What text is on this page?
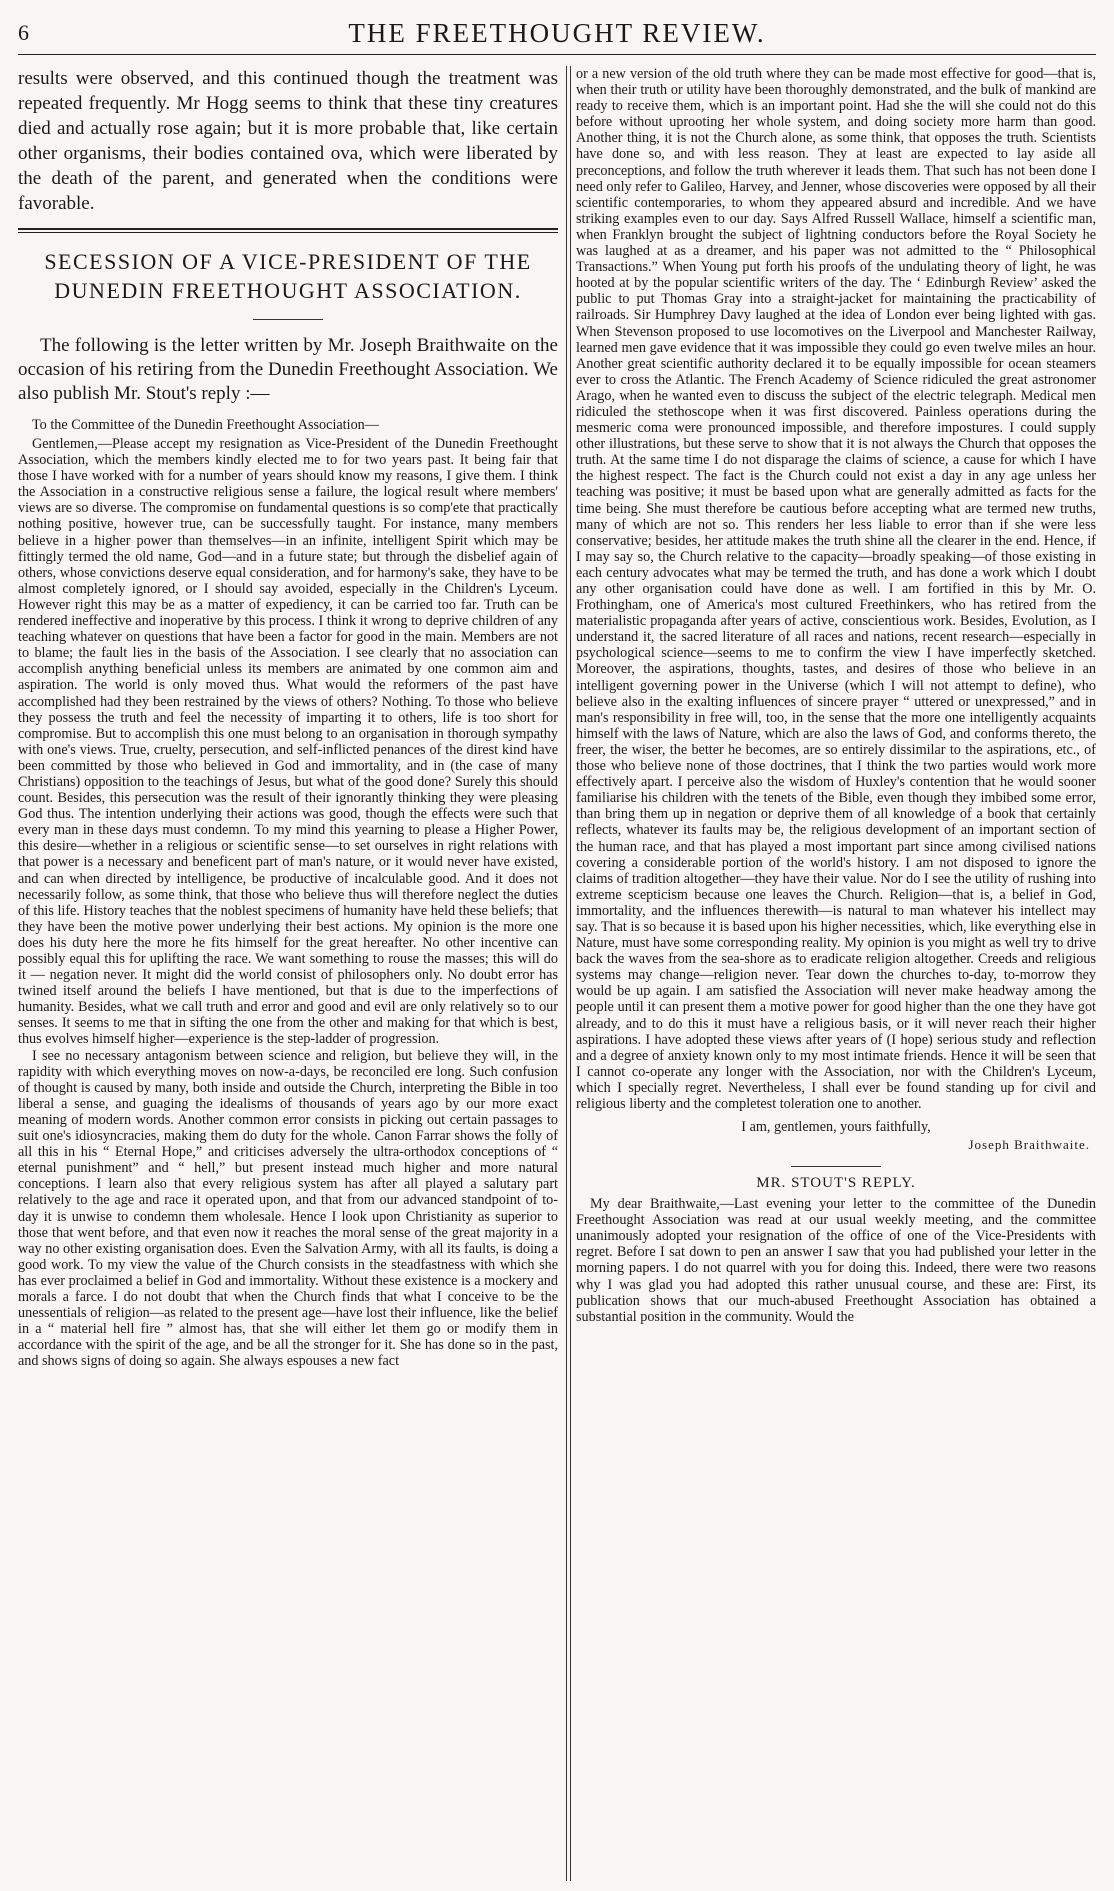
6	THE FREETHOUGHT REVIEW.

results were observed, and this continued though the treatment was repeated frequently. Mr Hogg seems to think that these tiny creatures died and actually rose again; but it is more probable that, like certain other organisms, their bodies contained ova, which were liberated by the death of the parent, and generated when the conditions were favorable.

SECESSION OF A VICE-PRESIDENT OF THE DUNEDIN FREETHOUGHT ASSOCIATION.

The following is the letter written by Mr. Joseph Braithwaite on the occasion of his retiring from the Dunedin Freethought Association. We also publish Mr. Stout's reply :—

To the Committee of the Dunedin Freethought Association—

Gentlemen,—Please accept my resignation as Vice-President of the Dunedin Freethought Association, which the members kindly elected me to for two years past. It being fair that those I have worked with for a number of years should know my reasons, I give them. I think the Association in a constructive religious sense a failure, the logical result where members' views are so diverse. The compromise on fundamental questions is so comp'ete that practically nothing positive, however true, can be successfully taught. For instance, many members believe in a higher power than themselves—in an infinite, intelligent Spirit which may be fittingly termed the old name, God—and in a future state; but through the disbelief again of others, whose convictions deserve equal consideration, and for harmony's sake, they have to be almost completely ignored, or I should say avoided, especially in the Children's Lyceum. However right this may be as a matter of expediency, it can be carried too far. Truth can be rendered ineffective and inoperative by this process. I think it wrong to deprive children of any teaching whatever on questions that have been a factor for good in the main. Members are not to blame; the fault lies in the basis of the Association. I see clearly that no association can accomplish anything beneficial unless its members are animated by one common aim and aspiration. The world is only moved thus. What would the reformers of the past have accomplished had they been restrained by the views of others? Nothing. To those who believe they possess the truth and feel the necessity of imparting it to others, life is too short for compromise. But to accomplish this one must belong to an organisation in thorough sympathy with one's views. True, cruelty, persecution, and self-inflicted penances of the direst kind have been committed by those who believed in God and immortality, and in (the case of many Christians) opposition to the teachings of Jesus, but what of the good done? Surely this should count. Besides, this persecution was the result of their ignorantly thinking they were pleasing God thus. The intention underlying their actions was good, though the effects were such that every man in these days must condemn. To my mind this yearning to please a Higher Power, this desire—whether in a religious or scientific sense—to set ourselves in right relations with that power is a necessary and beneficent part of man's nature, or it would never have existed, and can when directed by intelligence, be productive of incalculable good. And it does not necessarily follow, as some think, that those who believe thus will therefore neglect the duties of this life. History teaches that the noblest specimens of humanity have held these beliefs; that they have been the motive power underlying their best actions. My opinion is the more one does his duty here the more he fits himself for the great hereafter. No other incentive can possibly equal this for uplifting the race. We want something to rouse the masses; this will do it — negation never. It might did the world consist of philosophers only. No doubt error has twined itself around the beliefs I have mentioned, but that is due to the imperfections of humanity. Besides, what we call truth and error and good and evil are only relatively so to our senses. It seems to me that in sifting the one from the other and making for that which is best, thus evolves himself higher—experience is the step-ladder of progression.

I see no necessary antagonism between science and religion, but believe they will, in the rapidity with which everything moves on now-a-days, be reconciled ere long. Such confusion of thought is caused by many, both inside and outside the Church, interpreting the Bible in too liberal a sense, and guaging the idealisms of thousands of years ago by our more exact meaning of modern words. Another common error consists in picking out certain passages to suit one's idiosyncracies, making them do duty for the whole. Canon Farrar shows the folly of all this in his “ Eternal Hope,” and criticises adversely the ultra-orthodox conceptions of “ eternal punishment” and “ hell,” but present instead much higher and more natural conceptions. I learn also that every religious system has after all played a salutary part relatively to the age and race it operated upon, and that from our advanced standpoint of to-day it is unwise to condemn them wholesale. Hence I look upon Christianity as superior to those that went before, and that even now it reaches the moral sense of the great majority in a way no other existing organisation does. Even the Salvation Army, with all its faults, is doing a good work. To my view the value of the Church consists in the steadfastness with which she has ever proclaimed a belief in God and immortality. Without these existence is a mockery and morals a farce. I do not doubt that when the Church finds that what I conceive to be the unessentials of religion—as related to the present age—have lost their influence, like the belief in a “ material hell fire ” almost has, that she will either let them go or modify them in accordance with the spirit of the age, and be all the stronger for it. She has done so in the past, and shows signs of doing so again. She always espouses a new fact

or a new version of the old truth where they can be made most effective for good—that is, when their truth or utility have been thoroughly demonstrated, and the bulk of mankind are ready to receive them, which is an important point. Had she the will she could not do this before without uprooting her whole system, and doing society more harm than good. Another thing, it is not the Church alone, as some think, that opposes the truth. Scientists have done so, and with less reason. They at least are expected to lay aside all preconceptions, and follow the truth wherever it leads them. That such has not been done I need only refer to Galileo, Harvey, and Jenner, whose discoveries were opposed by all their scientific contemporaries, to whom they appeared absurd and incredible. And we have striking examples even to our day. Says Alfred Russell Wallace, himself a scientific man, when Franklyn brought the subject of lightning conductors before the Royal Society he was laughed at as a dreamer, and his paper was not admitted to the “ Philosophical Transactions.” When Young put forth his proofs of the undulating theory of light, he was hooted at by the popular scientific writers of the day. The ‘ Edinburgh Review’ asked the public to put Thomas Gray into a straight-jacket for maintaining the practicability of railroads. Sir Humphrey Davy laughed at the idea of London ever being lighted with gas. When Stevenson proposed to use locomotives on the Liverpool and Manchester Railway, learned men gave evidence that it was impossible they could go even twelve miles an hour. Another great scientific authority declared it to be equally impossible for ocean steamers ever to cross the Atlantic. The French Academy of Science ridiculed the great astronomer Arago, when he wanted even to discuss the subject of the electric telegraph. Medical men ridiculed the stethoscope when it was first discovered. Painless operations during the mesmeric coma were pronounced impossible, and therefore impostures. I could supply other illustrations, but these serve to show that it is not always the Church that opposes the truth. At the same time I do not disparage the claims of science, a cause for which I have the highest respect. The fact is the Church could not exist a day in any age unless her teaching was positive; it must be based upon what are generally admitted as facts for the time being. She must therefore be cautious before accepting what are termed new truths, many of which are not so. This renders her less liable to error than if she were less conservative; besides, her attitude makes the truth shine all the clearer in the end. Hence, if I may say so, the Church relative to the capacity—broadly speaking—of those existing in each century advocates what may be termed the truth, and has done a work which I doubt any other organisation could have done as well. I am fortified in this by Mr. O. Frothingham, one of America's most cultured Freethinkers, who has retired from the materialistic propaganda after years of active, conscientious work. Besides, Evolution, as I understand it, the sacred literature of all races and nations, recent research—especially in psychological science—seems to me to confirm the view I have imperfectly sketched. Moreover, the aspirations, thoughts, tastes, and desires of those who believe in an intelligent governing power in the Universe (which I will not attempt to define), who believe also in the exalting influences of sincere prayer “ uttered or unexpressed,” and in man's responsibility in free will, too, in the sense that the more one intelligently acquaints himself with the laws of Nature, which are also the laws of God, and conforms thereto, the freer, the wiser, the better he becomes, are so entirely dissimilar to the aspirations, etc., of those who believe none of those doctrines, that I think the two parties would work more effectively apart. I perceive also the wisdom of Huxley's contention that he would sooner familiarise his children with the tenets of the Bible, even though they imbibed some error, than bring them up in negation or deprive them of all knowledge of a book that certainly reflects, whatever its faults may be, the religious development of an important section of the human race, and that has played a most important part since among civilised nations covering a considerable portion of the world's history. I am not disposed to ignore the claims of tradition altogether—they have their value. Nor do I see the utility of rushing into extreme scepticism because one leaves the Church. Religion—that is, a belief in God, immortality, and the influences therewith—is natural to man whatever his intellect may say. That is so because it is based upon his higher necessities, which, like everything else in Nature, must have some corresponding reality. My opinion is you might as well try to drive back the waves from the sea-shore as to eradicate religion altogether. Creeds and religious systems may change—religion never. Tear down the churches to-day, to-morrow they would be up again. I am satisfied the Association will never make headway among the people until it can present them a motive power for good higher than the one they have got already, and to do this it must have a religious basis, or it will never reach their higher aspirations. I have adopted these views after years of (I hope) serious study and reflection and a degree of anxiety known only to my most intimate friends. Hence it will be seen that I cannot co-operate any longer with the Association, nor with the Children's Lyceum, which I specially regret. Nevertheless, I shall ever be found standing up for civil and religious liberty and the completest toleration one to another.

I am, gentlemen, yours faithfully,

Joseph Braithwaite.
MR. STOUT'S REPLY.

My dear Braithwaite,—Last evening your letter to the committee of the Dunedin Freethought Association was read at our usual weekly meeting, and the committee unanimously adopted your resignation of the office of one of the Vice-Presidents with regret. Before I sat down to pen an answer I saw that you had published your letter in the morning papers. I do not quarrel with you for doing this. Indeed, there were two reasons why I was glad you had adopted this rather unusual course, and these are: First, its publication shows that our much-abused Freethought Association has obtained a substantial position in the community. Would the
